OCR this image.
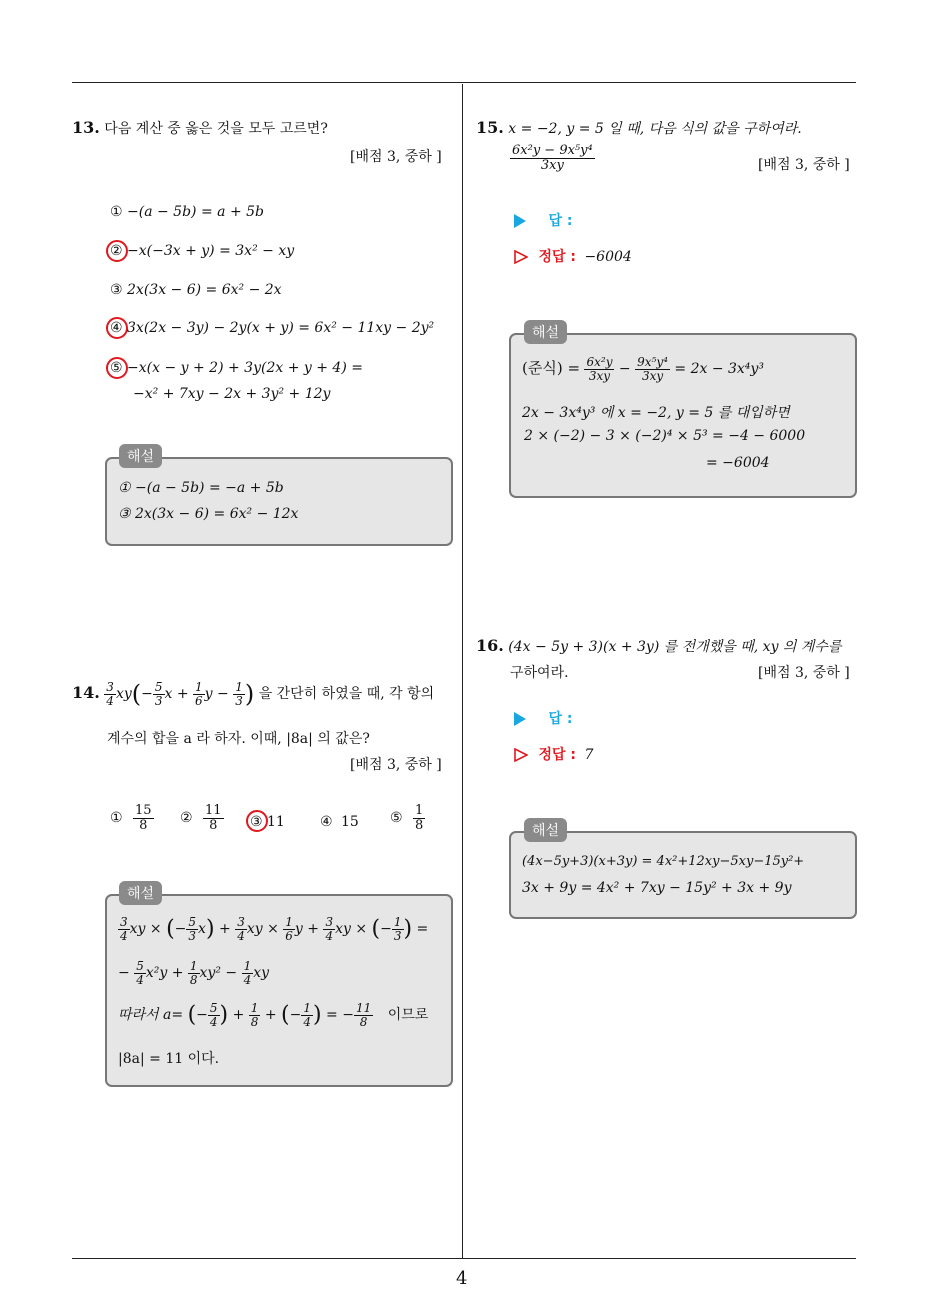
4
13. 다음 계산 중 옳은 것을 모두 고르면?
[배점 3, 중하 ]
① −(a − 5b) = a + 5b
② −x(−3x + y) = 3x² − xy
③ 2x(3x − 6) = 6x² − 2x
④ 3x(2x − 3y) − 2y(x + y) = 6x² − 11xy − 2y²
⑤ −x(x − y + 2) + 3y(2x + y + 4) =
−x² + 7xy − 2x + 3y² + 12y
해설
① −(a − 5b) = −a + 5b
③ 2x(3x − 6) = 6x² − 12x
14. $\frac{3}{4} xy(- \frac{5}{3}$ $x + \frac{1}{6}$ $y - \frac{1}{3}$ ) 을 간단히 하였을 때, 각 항의
계수의 합을 a 라 하자. 이때, |8a| 의 값은?
[배점 3, 중하 ]
① $\frac{15}{8}$ ② $\frac{11}{8}$ ③ 11	④ 15 ⑤ $\frac{1}{8}$
해설
$\frac{3}{4}$ xy × (− $\frac{5}{3} x) + \frac{3}{4}$ xy × $\frac{1}{6}$ $y + \frac{3}{4}$ xy × (− $\frac{1}{3}$ ) =
− $\frac{5}{4} x^2y + \frac{1}{8} xy^2 - \frac{1}{4}$ xy
따라서 a= (− $\frac{5}{4}$ ) + $\frac{1}{8}$ + (− $\frac{1}{4}$ ) = − $\frac{11}{8}$ 이므로
|8a| = 11 이다.
15. x = −2, y = 5 일 때, 다음 식의 값을 구하여라.
$\frac{\text{6x²y − 9x⁵y⁴}}{3xy}$	[배점 3, 중하 ]
답 :
정답 : −6004
해설
(준식) = $\frac{\text{6x²y}}{3xy} - \frac{\text{9x⁵y⁴}}{3xy} = 2x - 3x^4y^3$
2x − 3x⁴y³ 에 x = −2, y = 5 를 대입하면
2 × (−2) − 3 × (−2)⁴ × 5³ = −4 − 6000
= −6004
16. (4x − 5y + 3)(x + 3y) 를 전개했을 때, xy 의 계수를
구하여라.	[배점 3, 중하 ]
답 :
정답 : 7
해설
(4x−5y+3)(x+3y) = 4x²+12xy−5xy−15y²+
3x + 9y = 4x² + 7xy − 15y² + 3x + 9y
